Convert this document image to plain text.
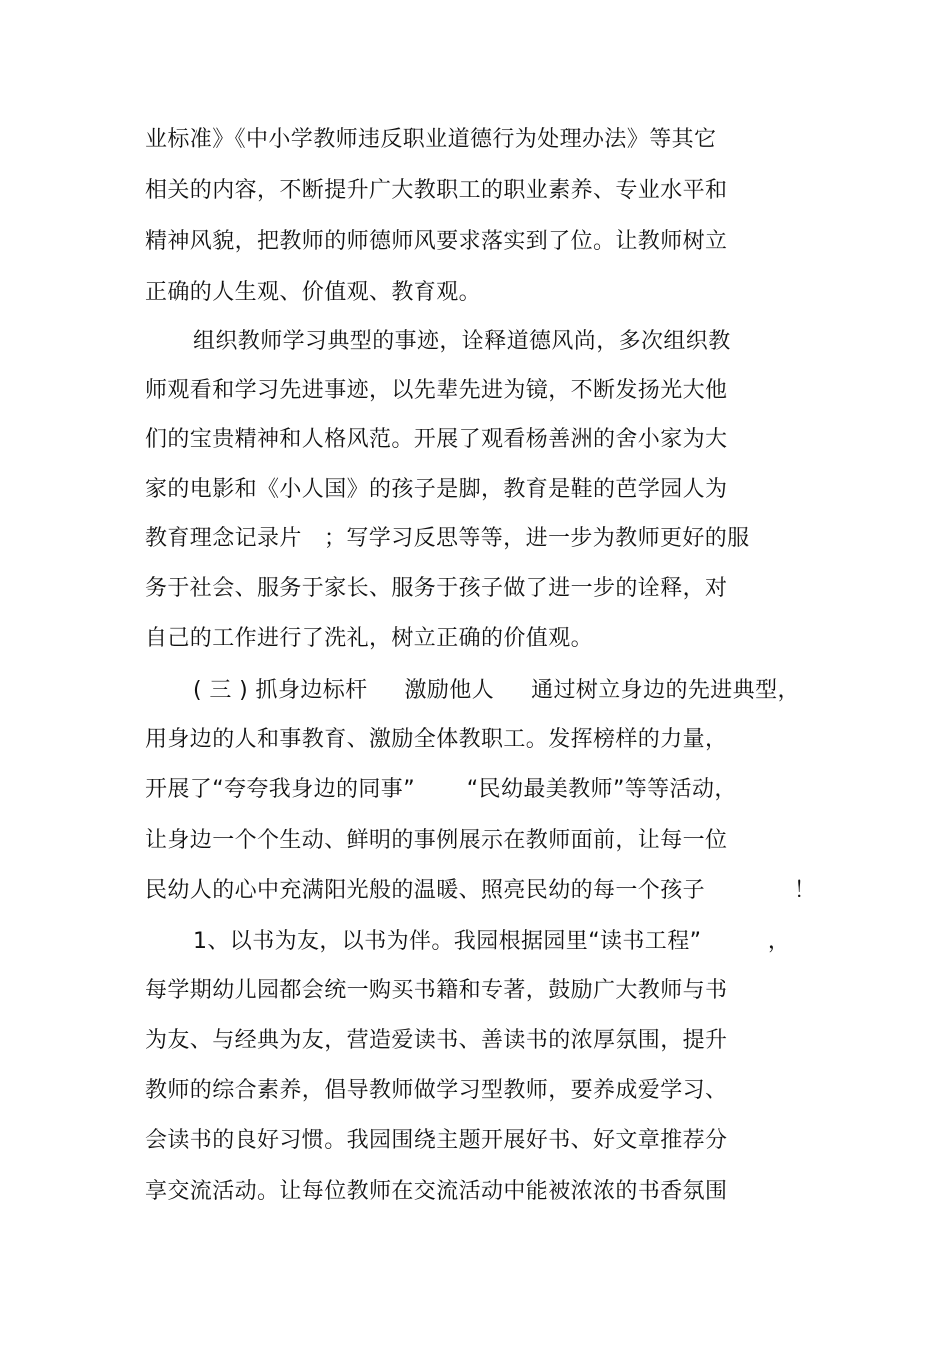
业标准》《中小学教师违反职业道德行为处理办法》等其它

相关的内容，不断提升广大教职工的职业素养、专业水平和

精神风貌，把教师的师德师风要求落实到了位。让教师树立

正确的人生观、价值观、教育观。

组织教师学习典型的事迹，诠释道德风尚，多次组织教

师观看和学习先进事迹，以先辈先进为镜，不断发扬光大他

们的宝贵精神和人格风范。开展了观看杨善洲的舍小家为大

家的电影和《小人国》的孩子是脚，教育是鞋的芭学园人为

教育理念记录片   ；写学习反思等等，进一步为教师更好的服

务于社会、服务于家长、服务于孩子做了进一步的诠释，对

自己的工作进行了洗礼，树立正确的价值观。

( 三 ) 抓身边标杆     激励他人     通过树立身边的先进典型，

用身边的人和事教育、激励全体教职工。发挥榜样的力量，

开展了“夸夸我身边的同事”       “民幼最美教师”等等活动，

让身边一个个生动、鲜明的事例展示在教师面前，让每一位

民幼人的心中充满阳光般的温暖、照亮民幼的每一个孩子            ！

1、以书为友，以书为伴。我园根据园里“读书工程”         ，

每学期幼儿园都会统一购买书籍和专著，鼓励广大教师与书

为友、与经典为友，营造爱读书、善读书的浓厚氛围，提升

教师的综合素养，倡导教师做学习型教师，要养成爱学习、

会读书的良好习惯。我园围绕主题开展好书、好文章推荐分

享交流活动。让每位教师在交流活动中能被浓浓的书香氛围
